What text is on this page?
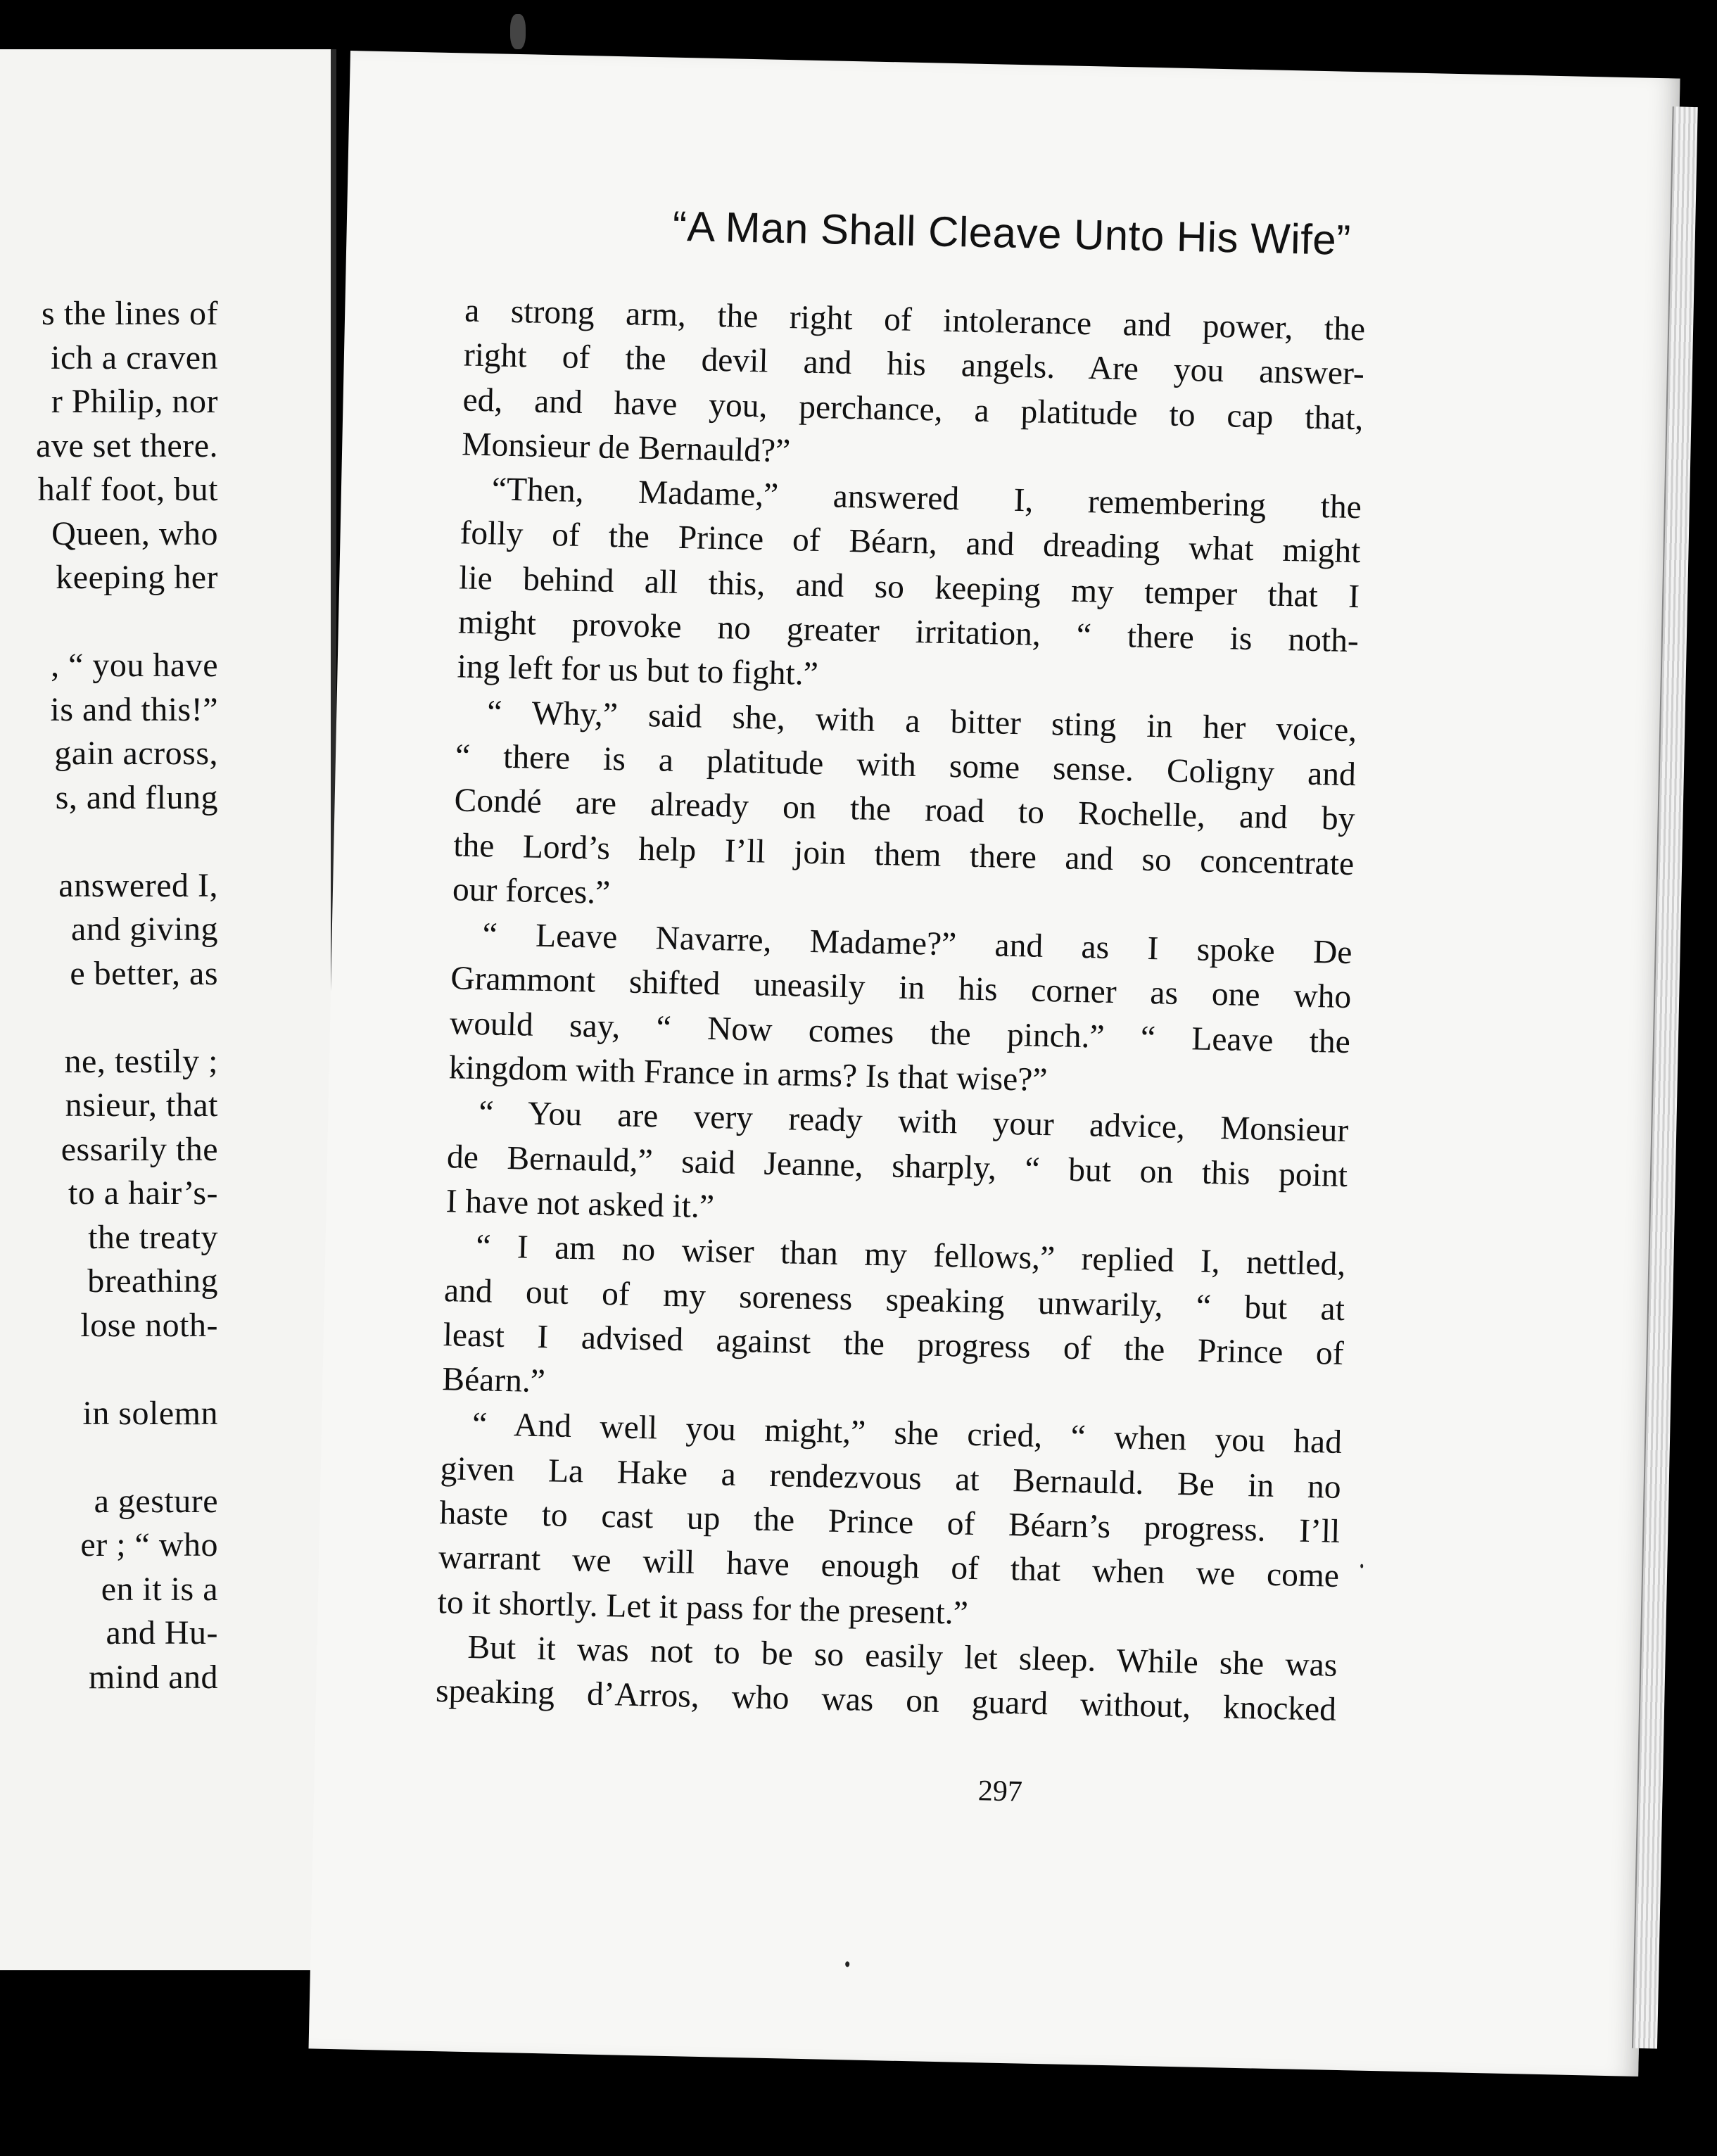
s the lines of
ich a craven
r Philip, nor
ave set there.
half foot, but
Queen, who
keeping her
, “ you have
is and this!”
gain across,
s, and flung
answered I,
and giving
e better, as
ne, testily ;
nsieur, that
essarily the
to a hair’s-
the treaty
breathing
lose noth-
in solemn
a gesture
er ; “ who
en it is a
and Hu-
mind and
“A Man Shall Cleave Unto His Wife”
a strong arm, the right of intolerance and power, the
right of the devil and his angels. Are you answer-
ed, and have you, perchance, a platitude to cap that,
Monsieur de Bernauld?”
“Then, Madame,” answered I, remembering the
folly of the Prince of Béarn, and dreading what might
lie behind all this, and so keeping my temper that I
might provoke no greater irritation, “ there is noth-
ing left for us but to fight.”
“ Why,” said she, with a bitter sting in her voice,
“ there is a platitude with some sense. Coligny and
Condé are already on the road to Rochelle, and by
the Lord’s help I’ll join them there and so concentrate
our forces.”
“ Leave Navarre, Madame?” and as I spoke De
Grammont shifted uneasily in his corner as one who
would say, “ Now comes the pinch.” “ Leave the
kingdom with France in arms? Is that wise?”
“ You are very ready with your advice, Monsieur
de Bernauld,” said Jeanne, sharply, “ but on this point
I have not asked it.”
“ I am no wiser than my fellows,” replied I, nettled,
and out of my soreness speaking unwarily, “ but at
least I advised against the progress of the Prince of
Béarn.”
“ And well you might,” she cried, “ when you had
given La Hake a rendezvous at Bernauld. Be in no
haste to cast up the Prince of Béarn’s progress. I’ll
warrant we will have enough of that when we come
to it shortly. Let it pass for the present.”
But it was not to be so easily let sleep. While she was
speaking d’Arros, who was on guard without, knocked
297
